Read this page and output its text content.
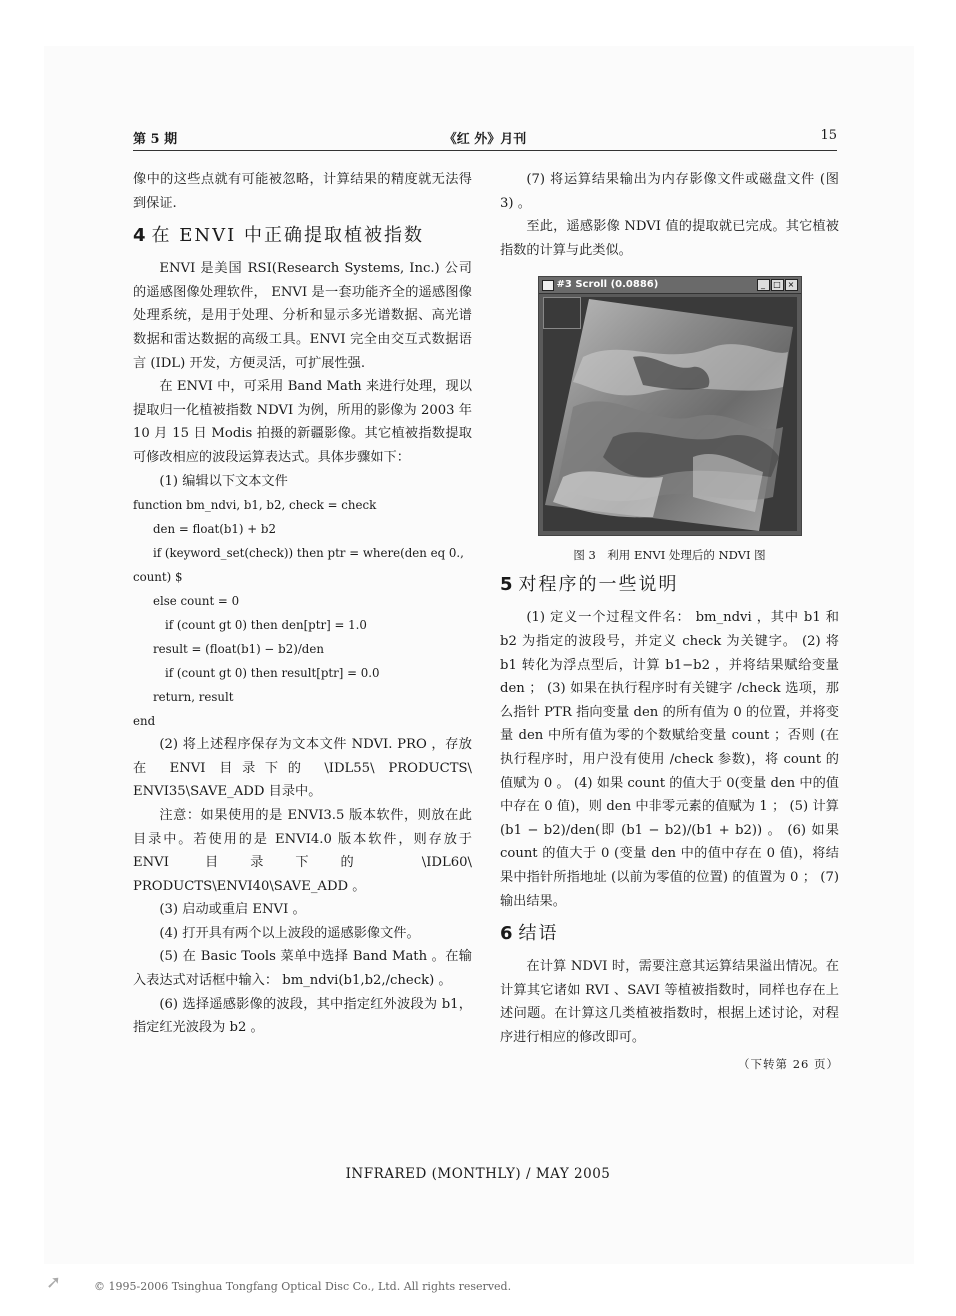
第 5 期	《红 外》月刊	15

像中的这些点就有可能被忽略，计算结果的精度就无法得到保证.

4 在 ENVI 中正确提取植被指数

ENVI 是美国 RSI(Research Systems, Inc.) 公司的遥感图像处理软件， ENVI 是一套功能齐全的遥感图像处理系统，是用于处理、分析和显示多光谱数据、高光谱数据和雷达数据的高级工具。ENVI 完全由交互式数据语言 (IDL) 开发，方便灵活，可扩展性强.

在 ENVI 中，可采用 Band Math 来进行处理，现以提取归一化植被指数 NDVI 为例，所用的影像为 2003 年 10 月 15 日 Modis 拍摄的新疆影像。其它植被指数提取可修改相应的波段运算表达式。具体步骤如下：

(1) 编辑以下文本文件

function bm_ndvi, b1, b2, check = check
den = float(b1) + b2
if (keyword_set(check)) then ptr = where(den eq 0.,
count) $
else count = 0
if (count gt 0) then den[ptr] = 1.0
result = (float(b1) − b2)/den
if (count gt 0) then result[ptr] = 0.0
return, result
end

(2) 将上述程序保存为文本文件 NDVI. PRO ，存放在 ENVI 目录下的 \IDL55\ PRODUCTS\ ENVI35\SAVE_ADD 目录中。

注意：如果使用的是 ENVI3.5 版本软件，则放在此目录中。若使用的是 ENVI4.0 版本软件，则存放于 ENVI 目录下的 \IDL60\ PRODUCTS\ENVI40\SAVE_ADD 。

(3) 启动或重启 ENVI 。

(4) 打开具有两个以上波段的遥感影像文件。

(5) 在 Basic Tools 菜单中选择 Band Math 。在输入表达式对话框中输入： bm_ndvi(b1,b2,/check) 。

(6) 选择遥感影像的波段，其中指定红外波段为 b1，指定红光波段为 b2 。

(7) 将运算结果输出为内存影像文件或磁盘文件 (图 3) 。

至此，遥感影像 NDVI 值的提取就已完成。其它植被指数的计算与此类似。

#3 Scroll (0.0886)	_	□ ×
图 3　利用 ENVI 处理后的 NDVI 图
5 对程序的一些说明

(1) 定义一个过程文件名： bm_ndvi ，其中 b1 和 b2 为指定的波段号，并定义 check 为关键字。 (2) 将 b1 转化为浮点型后，计算 b1−b2 ，并将结果赋给变量 den ； (3) 如果在执行程序时有关键字 /check 选项，那么指针 PTR 指向变量 den 的所有值为 0 的位置，并将变量 den 中所有值为零的个数赋给变量 count ；否则 (在执行程序时，用户没有使用 /check 参数)，将 count 的值赋为 0 。 (4) 如果 count 的值大于 0(变量 den 中的值中存在 0 值)，则 den 中非零元素的值赋为 1 ； (5) 计算 (b1 − b2)/den(即 (b1 − b2)/(b1 + b2)) 。 (6) 如果 count 的值大于 0 (变量 den 中的值中存在 0 值)，将结果中指针所指地址 (以前为零值的位置) 的值置为 0 ； (7) 输出结果。

6 结语

在计算 NDVI 时，需要注意其运算结果溢出情况。在计算其它诸如 RVI 、SAVI 等植被指数时，同样也存在上述问题。在计算这几类植被指数时，根据上述讨论，对程序进行相应的修改即可。

（下转第 26 页）
INFRARED (MONTHLY) / MAY 2005
➚	© 1995-2006 Tsinghua Tongfang Optical Disc Co., Ltd. All rights reserved.
